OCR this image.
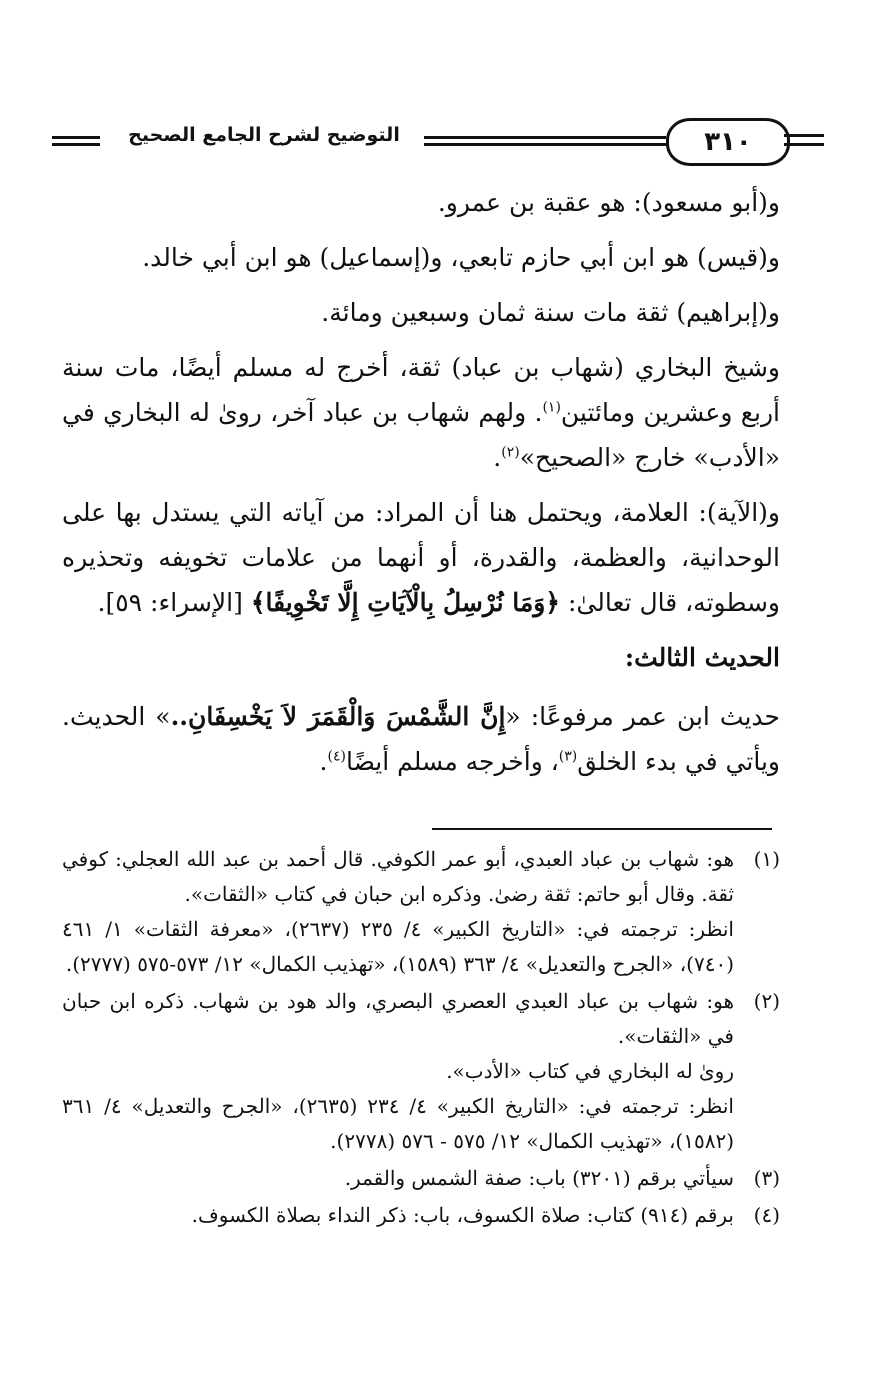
التوضيح لشرح الجامع الصحيح	٣١٠

و(أبو مسعود): هو عقبة بن عمرو.

و(قيس) هو ابن أبي حازم تابعي، و(إسماعيل) هو ابن أبي خالد.

و(إبراهيم) ثقة مات سنة ثمان وسبعين ومائة.

وشيخ البخاري (شهاب بن عباد) ثقة، أخرج له مسلم أيضًا، مات سنة أربع وعشرين ومائتين$^{(١)}$. ولهم شهاب بن عباد آخر، روىٰ له البخاري في «الأدب» خارج «الصحيح»$^{(٢)}$.

و(الآية): العلامة، ويحتمل هنا أن المراد: من آياته التي يستدل بها على الوحدانية، والعظمة، والقدرة، أو أنهما من علامات تخويفه وتحذيره وسطوته، قال تعالىٰ: ﴿وَمَا نُرْسِلُ بِالْآيَاتِ إِلَّا تَخْوِيفًا﴾ [الإسراء: ٥٩].

الحديث الثالث:

حديث ابن عمر مرفوعًا: «إِنَّ الشَّمْسَ وَالْقَمَرَ لاَ يَخْسِفَانِ..» الحديث. ويأتي في بدء الخلق$^{(٣)}$، وأخرجه مسلم أيضًا$^{(٤)}$.

(١)

هو: شهاب بن عباد العبدي، أبو عمر الكوفي. قال أحمد بن عبد الله العجلي: كوفي ثقة. وقال أبو حاتم: ثقة رضىٰ. وذكره ابن حبان في كتاب «الثقات».

انظر: ترجمته في: «التاريخ الكبير» ٤/ ٢٣٥ (٢٦٣٧)، «معرفة الثقات» ١/ ٤٦١ (٧٤٠)، «الجرح والتعديل» ٤/ ٣٦٣ (١٥٨٩)، «تهذيب الكمال» ١٢/ ٥٧٣-٥٧٥ (٢٧٧٧).

(٢)

هو: شهاب بن عباد العبدي العصري البصري، والد هود بن شهاب. ذكره ابن حبان في «الثقات».

روىٰ له البخاري في كتاب «الأدب».

انظر: ترجمته في: «التاريخ الكبير» ٤/ ٢٣٤ (٢٦٣٥)، «الجرح والتعديل» ٤/ ٣٦١ (١٥٨٢)، «تهذيب الكمال» ١٢/ ٥٧٥ - ٥٧٦ (٢٧٧٨).

(٣)

سيأتي برقم (٣٢٠١) باب: صفة الشمس والقمر.

(٤)

برقم (٩١٤) كتاب: صلاة الكسوف، باب: ذكر النداء بصلاة الكسوف.
